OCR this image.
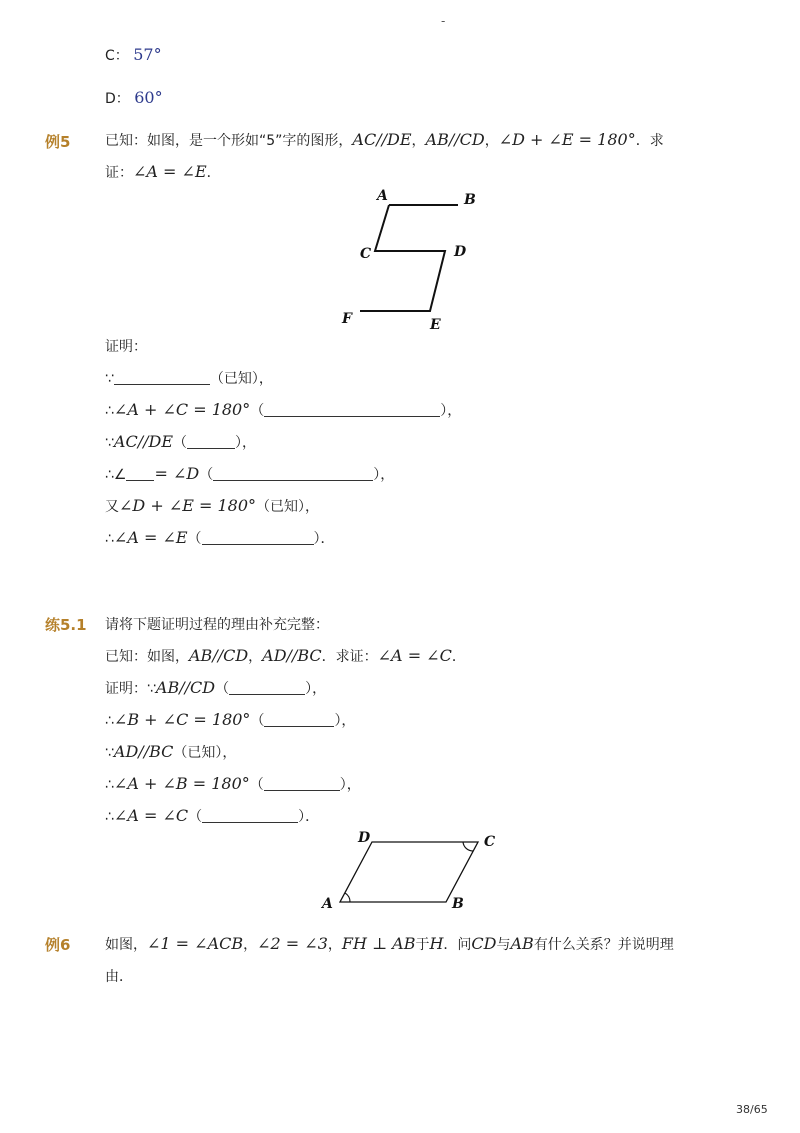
-
C： 57°
D： 60°
例5 已知：如图，是一个形如“5”字的图形，AC//DE，AB//CD，∠D + ∠E = 180°．求
证：∠A = ∠E．
A	B
C	D
F	E
证明：
∵	（已知），
∴∠A + ∠C = 180°（	），
∵AC//DE（	），
∴∠ = ∠D（	），
又∠D + ∠E = 180°（已知），
∴∠A = ∠E（	）．
练5.1 请将下题证明过程的理由补充完整：
已知：如图，AB//CD，AD//BC．求证：∠A = ∠C．
证明：∵AB//CD（	），
∴∠B + ∠C = 180°（	），
∵AD//BC（已知），
∴∠A + ∠B = 180°（	），
∴∠A = ∠C（	）．
D	C
A	B
例6 如图，∠1 = ∠ACB，∠2 = ∠3，FH ⊥ AB于H．问CD与AB有什么关系？并说明理
由．
38/65
